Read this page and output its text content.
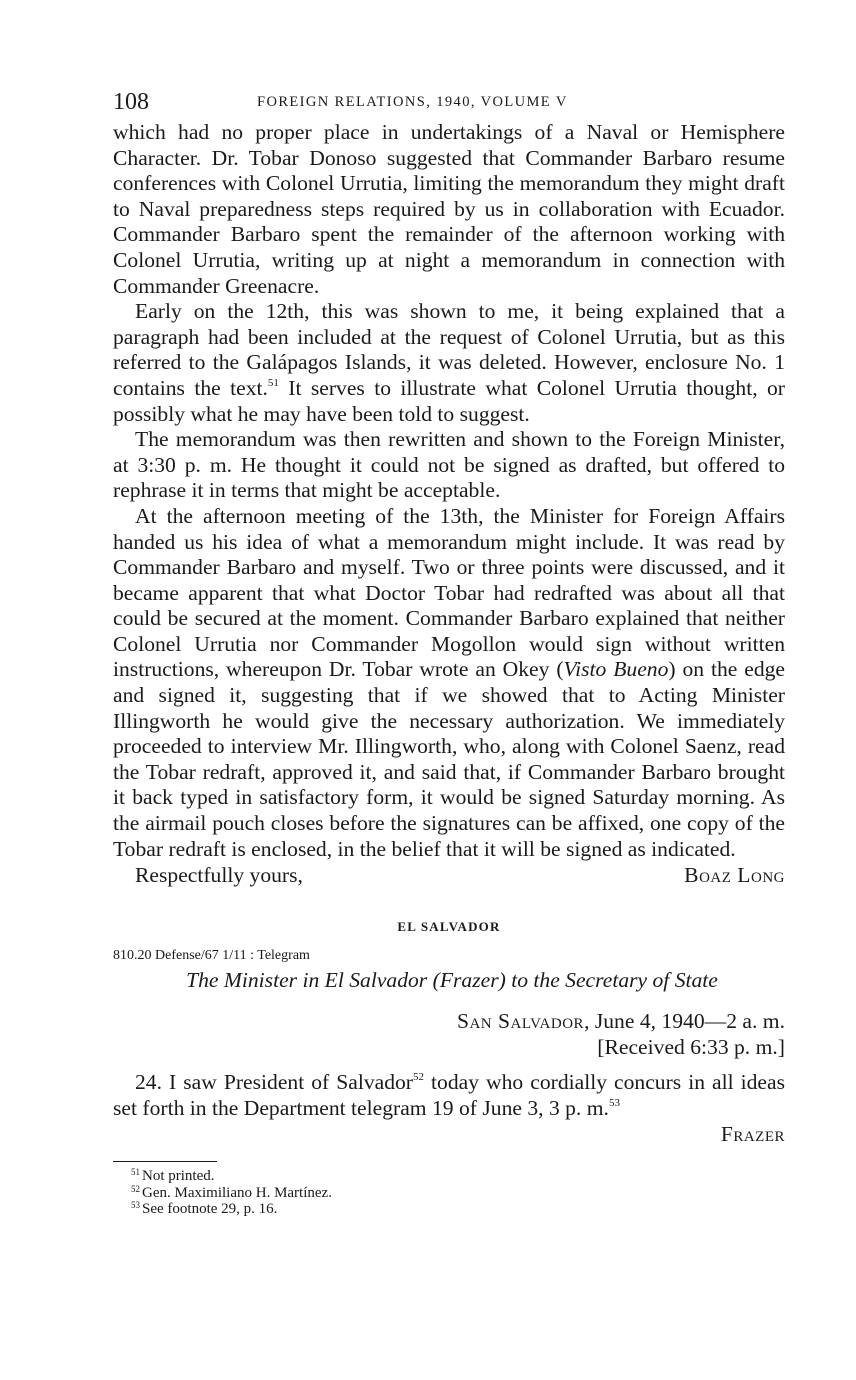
108	FOREIGN RELATIONS, 1940, VOLUME V

which had no proper place in undertakings of a Naval or Hemisphere Character. Dr. Tobar Donoso suggested that Commander Barbaro resume conferences with Colonel Urrutia, limiting the memorandum they might draft to Naval preparedness steps required by us in collaboration with Ecuador. Commander Barbaro spent the remainder of the afternoon working with Colonel Urrutia, writing up at night a memorandum in connection with Commander Greenacre.

Early on the 12th, this was shown to me, it being explained that a paragraph had been included at the request of Colonel Urrutia, but as this referred to the Galápagos Islands, it was deleted. However, enclosure No. 1 contains the text.$^{51}$ It serves to illustrate what Colonel Urrutia thought, or possibly what he may have been told to suggest.

The memorandum was then rewritten and shown to the Foreign Minister, at 3:30 p. m. He thought it could not be signed as drafted, but offered to rephrase it in terms that might be acceptable.

At the afternoon meeting of the 13th, the Minister for Foreign Affairs handed us his idea of what a memorandum might include. It was read by Commander Barbaro and myself. Two or three points were discussed, and it became apparent that what Doctor Tobar had redrafted was about all that could be secured at the moment. Commander Barbaro explained that neither Colonel Urrutia nor Commander Mogollon would sign without written instructions, whereupon Dr. Tobar wrote an Okey (Visto Bueno) on the edge and signed it, suggesting that if we showed that to Acting Minister Illingworth he would give the necessary authorization. We immediately proceeded to interview Mr. Illingworth, who, along with Colonel Saenz, read the Tobar redraft, approved it, and said that, if Commander Barbaro brought it back typed in satisfactory form, it would be signed Saturday morning. As the airmail pouch closes before the signatures can be affixed, one copy of the Tobar redraft is enclosed, in the belief that it will be signed as indicated.

Respectfully yours,	Boaz Long
EL SALVADOR
810.20 Defense/67 1/11 : Telegram
The Minister in El Salvador (Frazer) to the Secretary of State
San Salvador, June 4, 1940—2 a. m.
[Received 6:33 p. m.]

24. I saw President of Salvador$^{52}$ today who cordially concurs in all ideas set forth in the Department telegram 19 of June 3, 3 p. m.$^{53}$

Frazer
$^{51}$ Not printed.
$^{52}$ Gen. Maximiliano H. Martínez.
$^{53}$ See footnote 29, p. 16.
